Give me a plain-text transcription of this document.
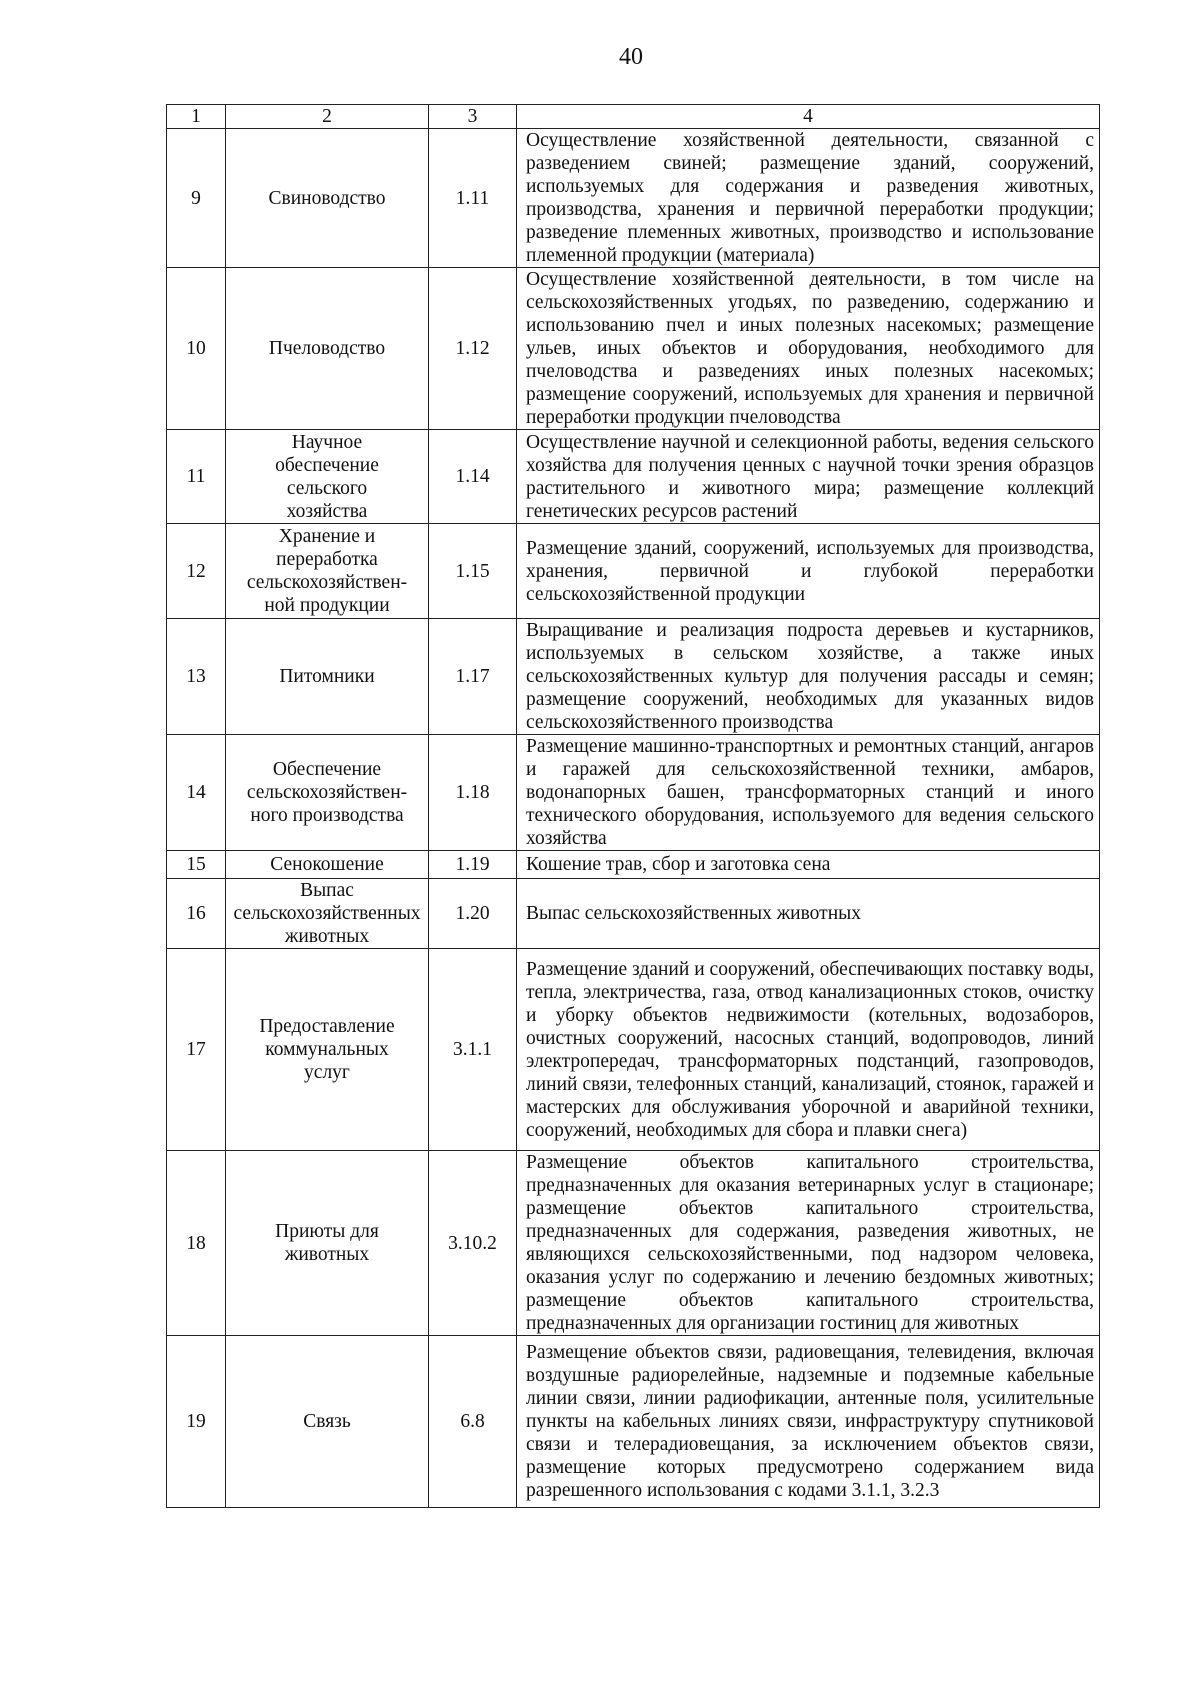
40
1	2	3	4
9	Свиноводство	1.11	Осуществление хозяйственной деятельности, связанной с разведением свиней; размещение зданий, сооружений, используемых для содержания и разведения животных, производства, хранения и первичной переработки продукции; разведение племенных животных, производство и использование племенной продукции (материала)
10	Пчеловодство	1.12	Осуществление хозяйственной деятельности, в том числе на сельскохозяйственных угодьях, по разведению, содержанию и использованию пчел и иных полезных насекомых; размещение ульев, иных объектов и оборудования, необходимого для пчеловодства и разведениях иных полезных насекомых; размещение сооружений, используемых для хранения и первичной переработки продукции пчеловодства
11	Научное обеспечение сельского хозяйства	1.14	Осуществление научной и селекционной работы, ведения сельского хозяйства для получения ценных с научной точки зрения образцов растительного и животного мира; размещение коллекций генетических ресурсов растений
12	Хранение и переработка сельскохозяйствен-ной продукции	1.15	Размещение зданий, сооружений, используемых для производства, хранения, первичной и глубокой переработки сельскохозяйственной продукции
13	Питомники	1.17	Выращивание и реализация подроста деревьев и кустарников, используемых в сельском хозяйстве, а также иных сельскохозяйственных культур для получения рассады и семян; размещение сооружений, необходимых для указанных видов сельскохозяйственного производства
14	Обеспечение сельскохозяйствен-ного производства	1.18	Размещение машинно-транспортных и ремонтных станций, ангаров и гаражей для сельскохозяйственной техники, амбаров, водонапорных башен, трансформаторных станций и иного технического оборудования, используемого для ведения сельского хозяйства
15	Сенокошение	1.19	Кошение трав, сбор и заготовка сена
16	Выпас сельскохозяйственных животных	1.20	Выпас сельскохозяйственных животных
17	Предоставление коммунальных услуг	3.1.1	Размещение зданий и сооружений, обеспечивающих поставку воды, тепла, электричества, газа, отвод канализационных стоков, очистку и уборку объектов недвижимости (котельных, водозаборов, очистных сооружений, насосных станций, водопроводов, линий электропередач, трансформаторных подстанций, газопроводов, линий связи, телефонных станций, канализаций, стоянок, гаражей и мастерских для обслуживания уборочной и аварийной техники, сооружений, необходимых для сбора и плавки снега)
18	Приюты для животных	3.10.2	Размещение объектов капитального строительства, предназначенных для оказания ветеринарных услуг в стационаре; размещение объектов капитального строительства, предназначенных для содержания, разведения животных, не являющихся сельскохозяйственными, под надзором человека, оказания услуг по содержанию и лечению бездомных животных; размещение объектов капитального строительства, предназначенных для организации гостиниц для животных
19	Связь	6.8	Размещение объектов связи, радиовещания, телевидения, включая воздушные радиорелейные, надземные и подземные кабельные линии связи, линии радиофикации, антенные поля, усилительные пункты на кабельных линиях связи, инфраструктуру спутниковой связи и телерадиовещания, за исключением объектов связи, размещение которых предусмотрено содержанием вида разрешенного использования с кодами 3.1.1, 3.2.3
